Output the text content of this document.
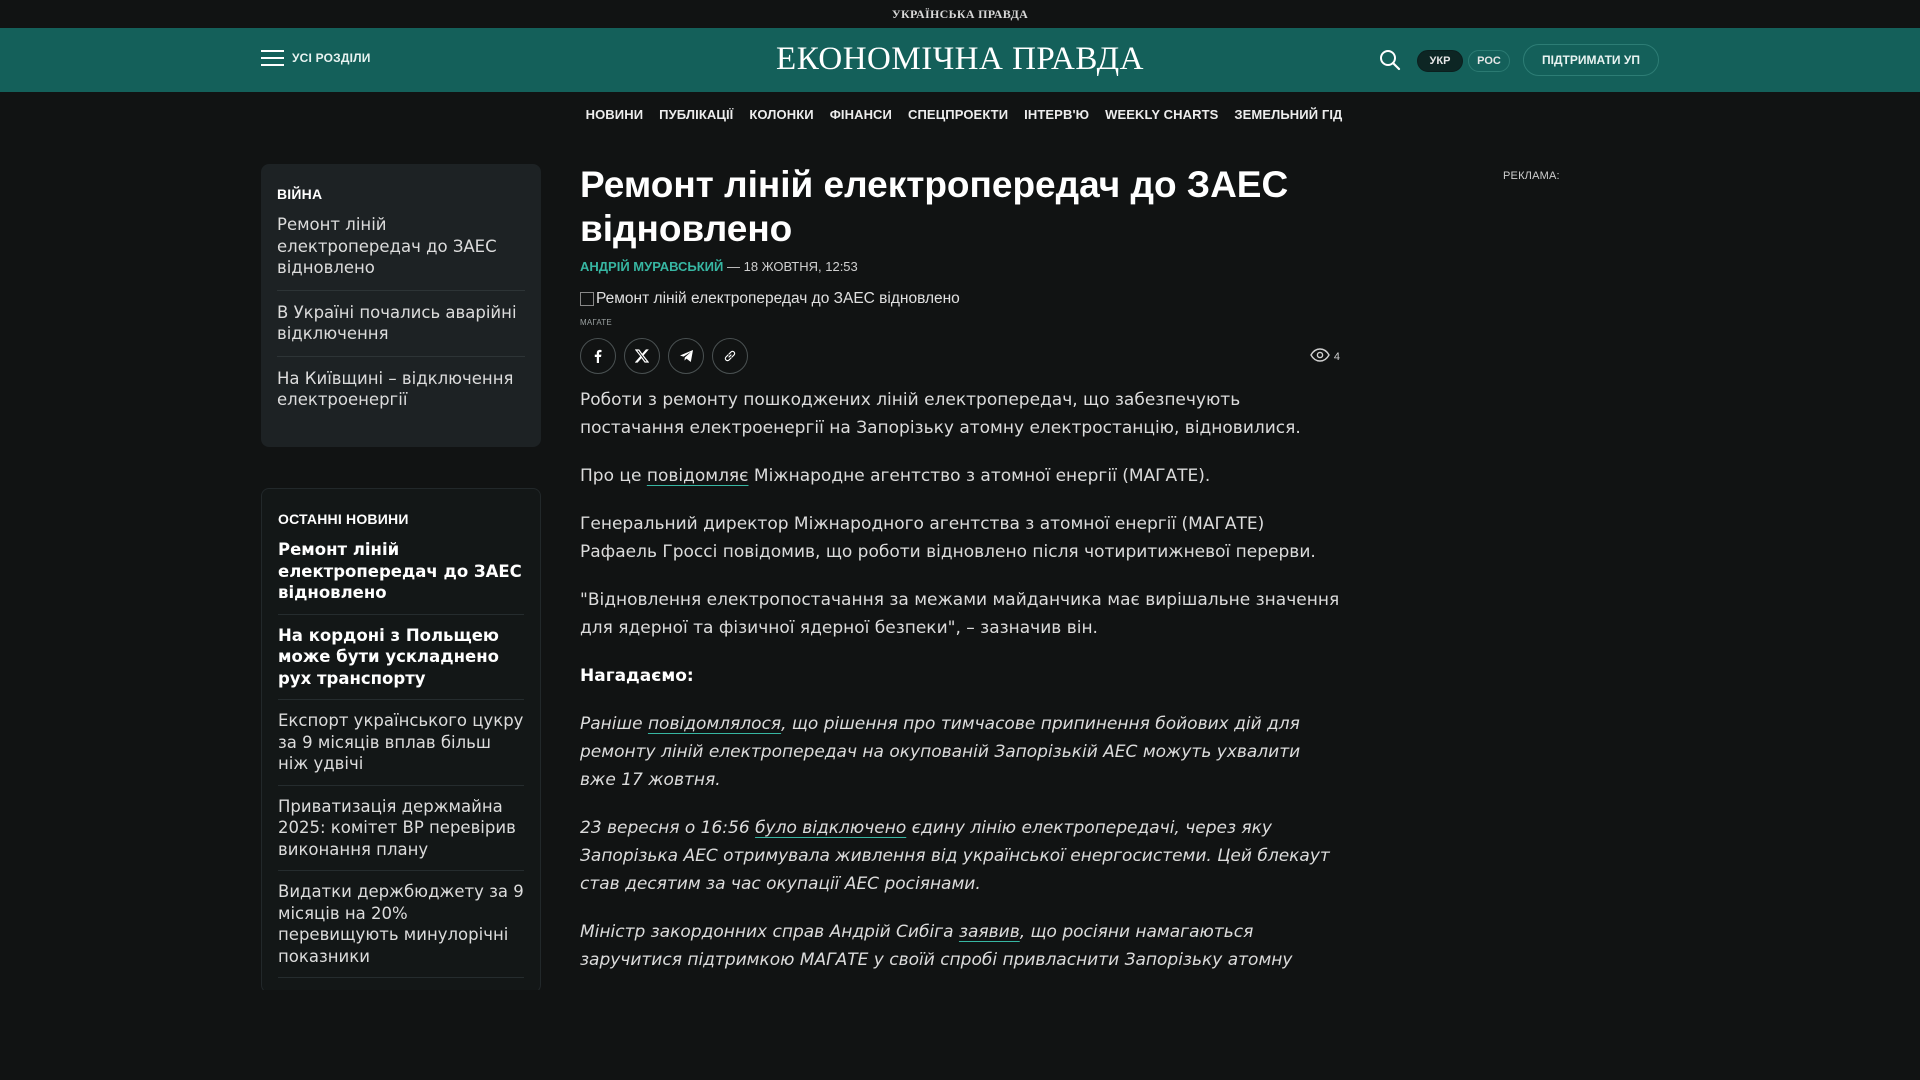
УКРАЇНСЬКА ПРАВДА
УСІ РОЗДІЛИ	ЕКОНОМІЧНА ПРАВДА	УКР	РОС	ПІДТРИМАТИ УП
НОВИНИ ПУБЛІКАЦІЇ КОЛОНКИ ФІНАНСИ СПЕЦПРОЕКТИ ІНТЕРВ'Ю WEEKLY CHARTS ЗЕМЕЛЬНИЙ ГІД
ВІЙНА
Ремонт ліній електропередач до ЗАЕС відновлено
В Україні почались аварійні відключення
На Київщині – відключення електроенергії
ОСТАННІ НОВИНИ
Ремонт ліній електропередач до ЗАЕС відновлено
На кордоні з Польщею може бути ускладнено рух транспорту
Експорт українського цукру за 9 місяців вплав більш ніж удвічі
Приватизація держмайна 2025: комітет ВР перевірив виконання плану
Видатки держбюджету за 9 місяців на 20% перевищують минулорічні показники
Ремонт ліній електропередач до ЗАЕС відновлено
АНДРІЙ МУРАВСЬКИЙ — 18 ЖОВТНЯ, 12:53
Ремонт ліній електропередач до ЗАЕС відновлено
МАГАТЕ
4

Роботи з ремонту пошкоджених ліній електропередач, що забезпечують постачання електроенергії на Запорізьку атомну електростанцію, відновилися.

Про це повідомляє Міжнародне агентство з атомної енергії (МАГАТЕ).

Генеральний директор Міжнародного агентства з атомної енергії (МАГАТЕ) Рафаель Гроссі повідомив, що роботи відновлено після чотиритижневої перерви.

"Відновлення електропостачання за межами майданчика має вирішальне значення для ядерної та фізичної ядерної безпеки", – зазначив він.

Нагадаємо:

Раніше повідомлялося, що рішення про тимчасове припинення бойових дій для ремонту ліній електропередач на окупованій Запорізькій АЕС можуть ухвалити вже 17 жовтня.

23 вересня о 16:56 було відключено єдину лінію електропередачі, через яку Запорізька АЕС отримувала живлення від української енергосистеми. Цей блекаут став десятим за час окупації АЕС росіянами.

Міністр закордонних справ Андрій Сибіга заявив, що росіяни намагаються заручитися підтримкою МАГАТЕ у своїй спробі привласнити Запорізьку атомну

РЕКЛАМА:
